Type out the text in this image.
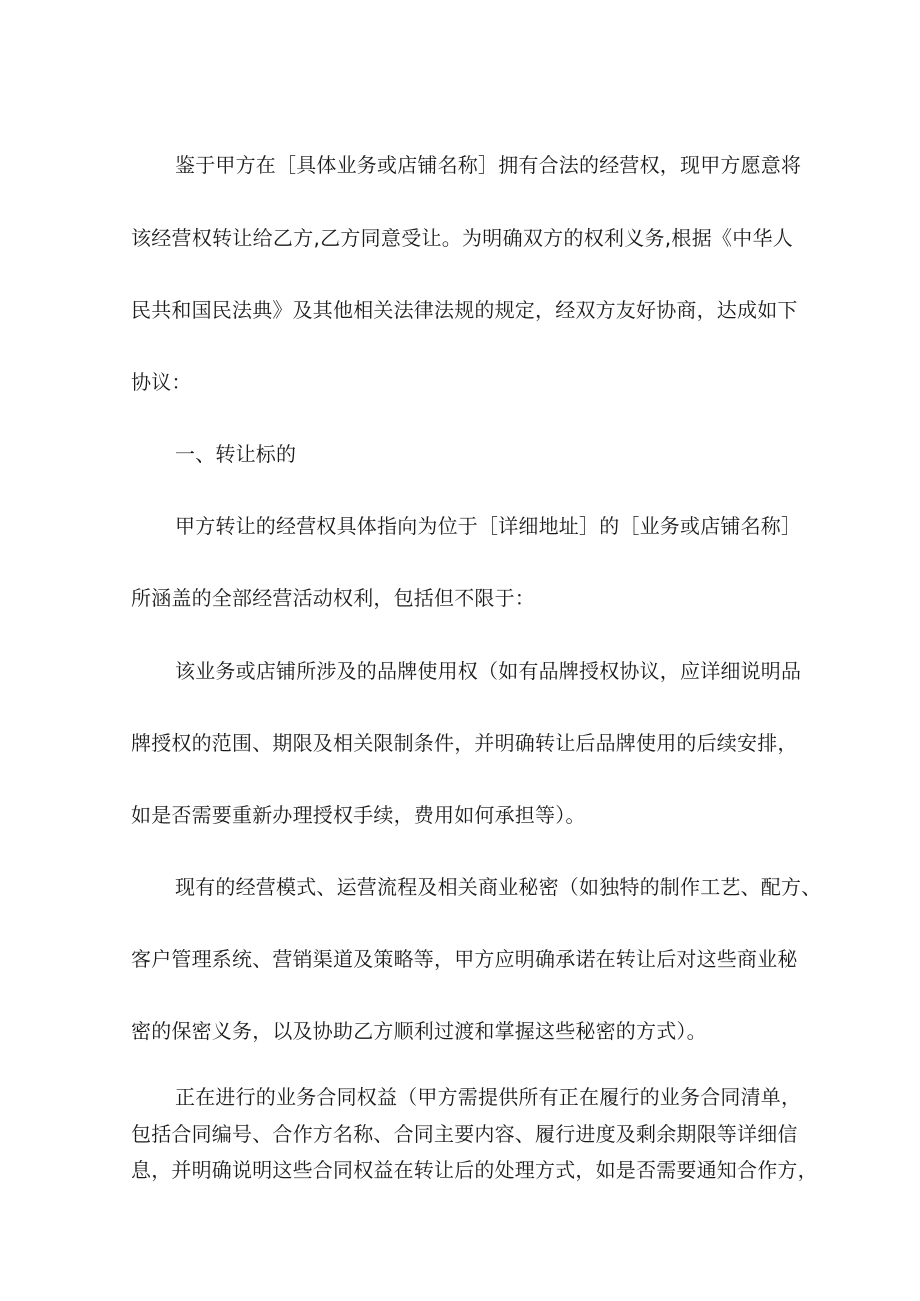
鉴于甲方在［具体业务或店铺名称］拥有合法的经营权，现甲方愿意将
该经营权转让给乙方,乙方同意受让。为明确双方的权利义务,根据《中华人
民共和国民法典》及其他相关法律法规的规定，经双方友好协商，达成如下
协议：
一、转让标的
甲方转让的经营权具体指向为位于［详细地址］的［业务或店铺名称］
所涵盖的全部经营活动权利，包括但不限于：
该业务或店铺所涉及的品牌使用权（如有品牌授权协议，应详细说明品
牌授权的范围、期限及相关限制条件，并明确转让后品牌使用的后续安排，
如是否需要重新办理授权手续，费用如何承担等）。
现有的经营模式、运营流程及相关商业秘密（如独特的制作工艺、配方、
客户管理系统、营销渠道及策略等，甲方应明确承诺在转让后对这些商业秘
密的保密义务，以及协助乙方顺利过渡和掌握这些秘密的方式）。
正在进行的业务合同权益（甲方需提供所有正在履行的业务合同清单，
包括合同编号、合作方名称、合同主要内容、履行进度及剩余期限等详细信
息，并明确说明这些合同权益在转让后的处理方式，如是否需要通知合作方，
